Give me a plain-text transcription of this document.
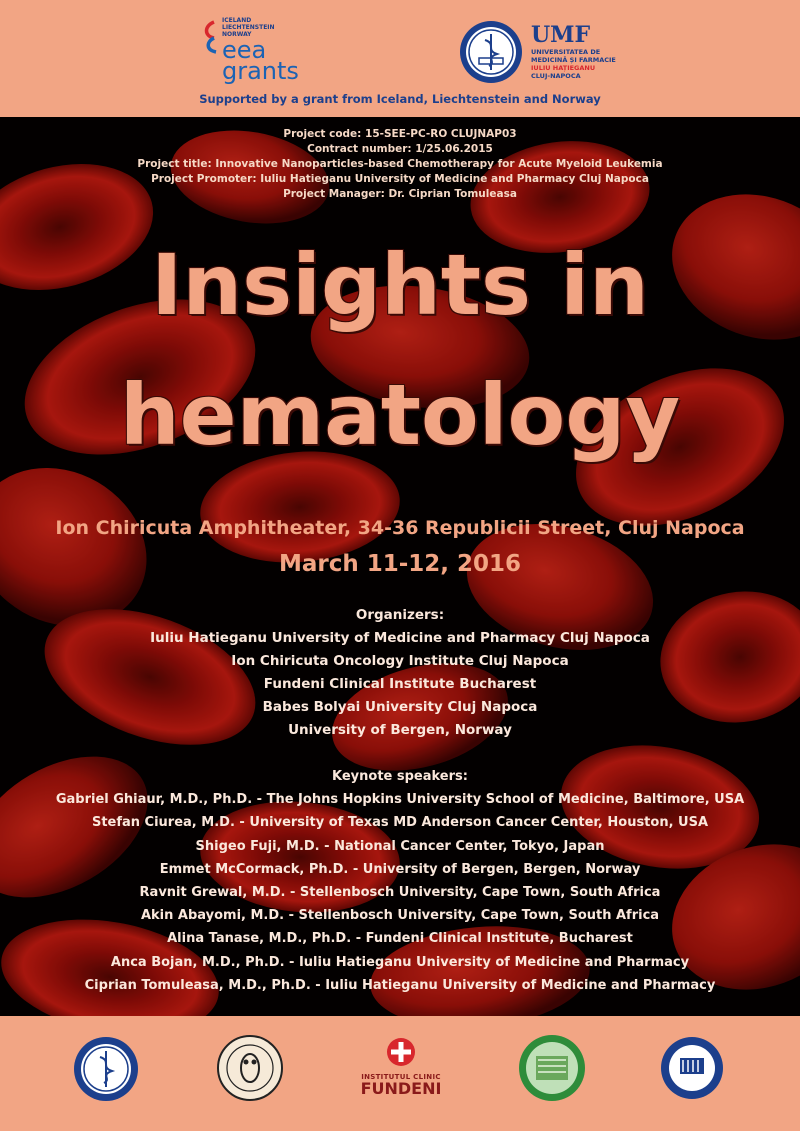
ICELAND
LIECHTENSTEIN
NORWAY
eea
grants
UMF
UNIVERSITATEA DE
MEDICINĂ ȘI FARMACIE
IULIU HAȚIEGANU
CLUJ-NAPOCA
Supported by a grant from Iceland, Liechtenstein and Norway
Project code: 15-SEE-PC-RO CLUJNAP03
Contract number: 1/25.06.2015
Project title: Innovative Nanoparticles-based Chemotherapy for Acute Myeloid Leukemia
Project Promoter: Iuliu Hatieganu University of Medicine and Pharmacy Cluj Napoca
Project Manager: Dr. Ciprian Tomuleasa
Insights in
hematology
Ion Chiricuta Amphitheater, 34-36 Republicii Street, Cluj Napoca
March 11-12, 2016
Organizers:
Iuliu Hatieganu University of Medicine and Pharmacy Cluj Napoca
Ion Chiricuta Oncology Institute Cluj Napoca
Fundeni Clinical Institute Bucharest
Babes Bolyai University Cluj Napoca
University of Bergen, Norway
Keynote speakers:
Gabriel Ghiaur, M.D., Ph.D. - The Johns Hopkins University School of Medicine, Baltimore, USA
Stefan Ciurea, M.D. - University of Texas MD Anderson Cancer Center, Houston, USA
Shigeo Fuji, M.D. - National Cancer Center, Tokyo, Japan
Emmet McCormack, Ph.D. - University of Bergen, Bergen, Norway
Ravnit Grewal, M.D. - Stellenbosch University, Cape Town, South Africa
Akin Abayomi, M.D. - Stellenbosch University, Cape Town, South Africa
Alina Tanase, M.D., Ph.D. - Fundeni Clinical Institute, Bucharest
Anca Bojan, M.D., Ph.D. - Iuliu Hatieganu University of Medicine and Pharmacy
Ciprian Tomuleasa, M.D., Ph.D. - Iuliu Hatieganu University of Medicine and Pharmacy
INSTITUTUL CLINIC
FUNDENI
